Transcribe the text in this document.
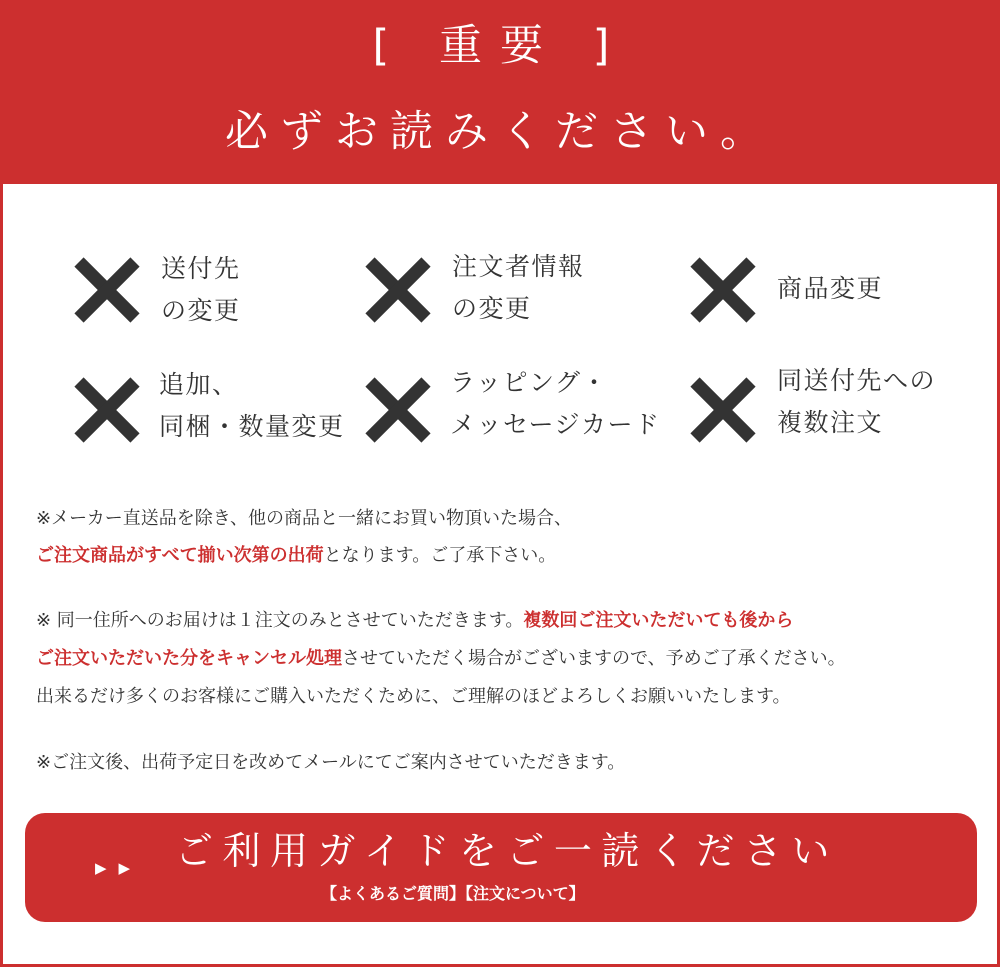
[ 重要 ]
必ずお読みください。
送付先
の変更
注文者情報
の変更
商品変更
追加、
同梱・数量変更
ラッピング・
メッセージカード
同送付先への
複数注文
※メーカー直送品を除き、他の商品と一緒にお買い物頂いた場合、
ご注文商品がすべて揃い次第の出荷となります。ご了承下さい。
※ 同一住所へのお届けは１注文のみとさせていただきます。複数回ご注文いただいても後から
ご注文いただいた分をキャンセル処理させていただく場合がございますので、予めご了承ください。
出来るだけ多くのお客様にご購入いただくために、ご理解のほどよろしくお願いいたします。
※ご注文後、出荷予定日を改めてメールにてご案内させていただきます。
▶▶ ご利用ガイドをご一読ください
【よくあるご質問】【注文について】
